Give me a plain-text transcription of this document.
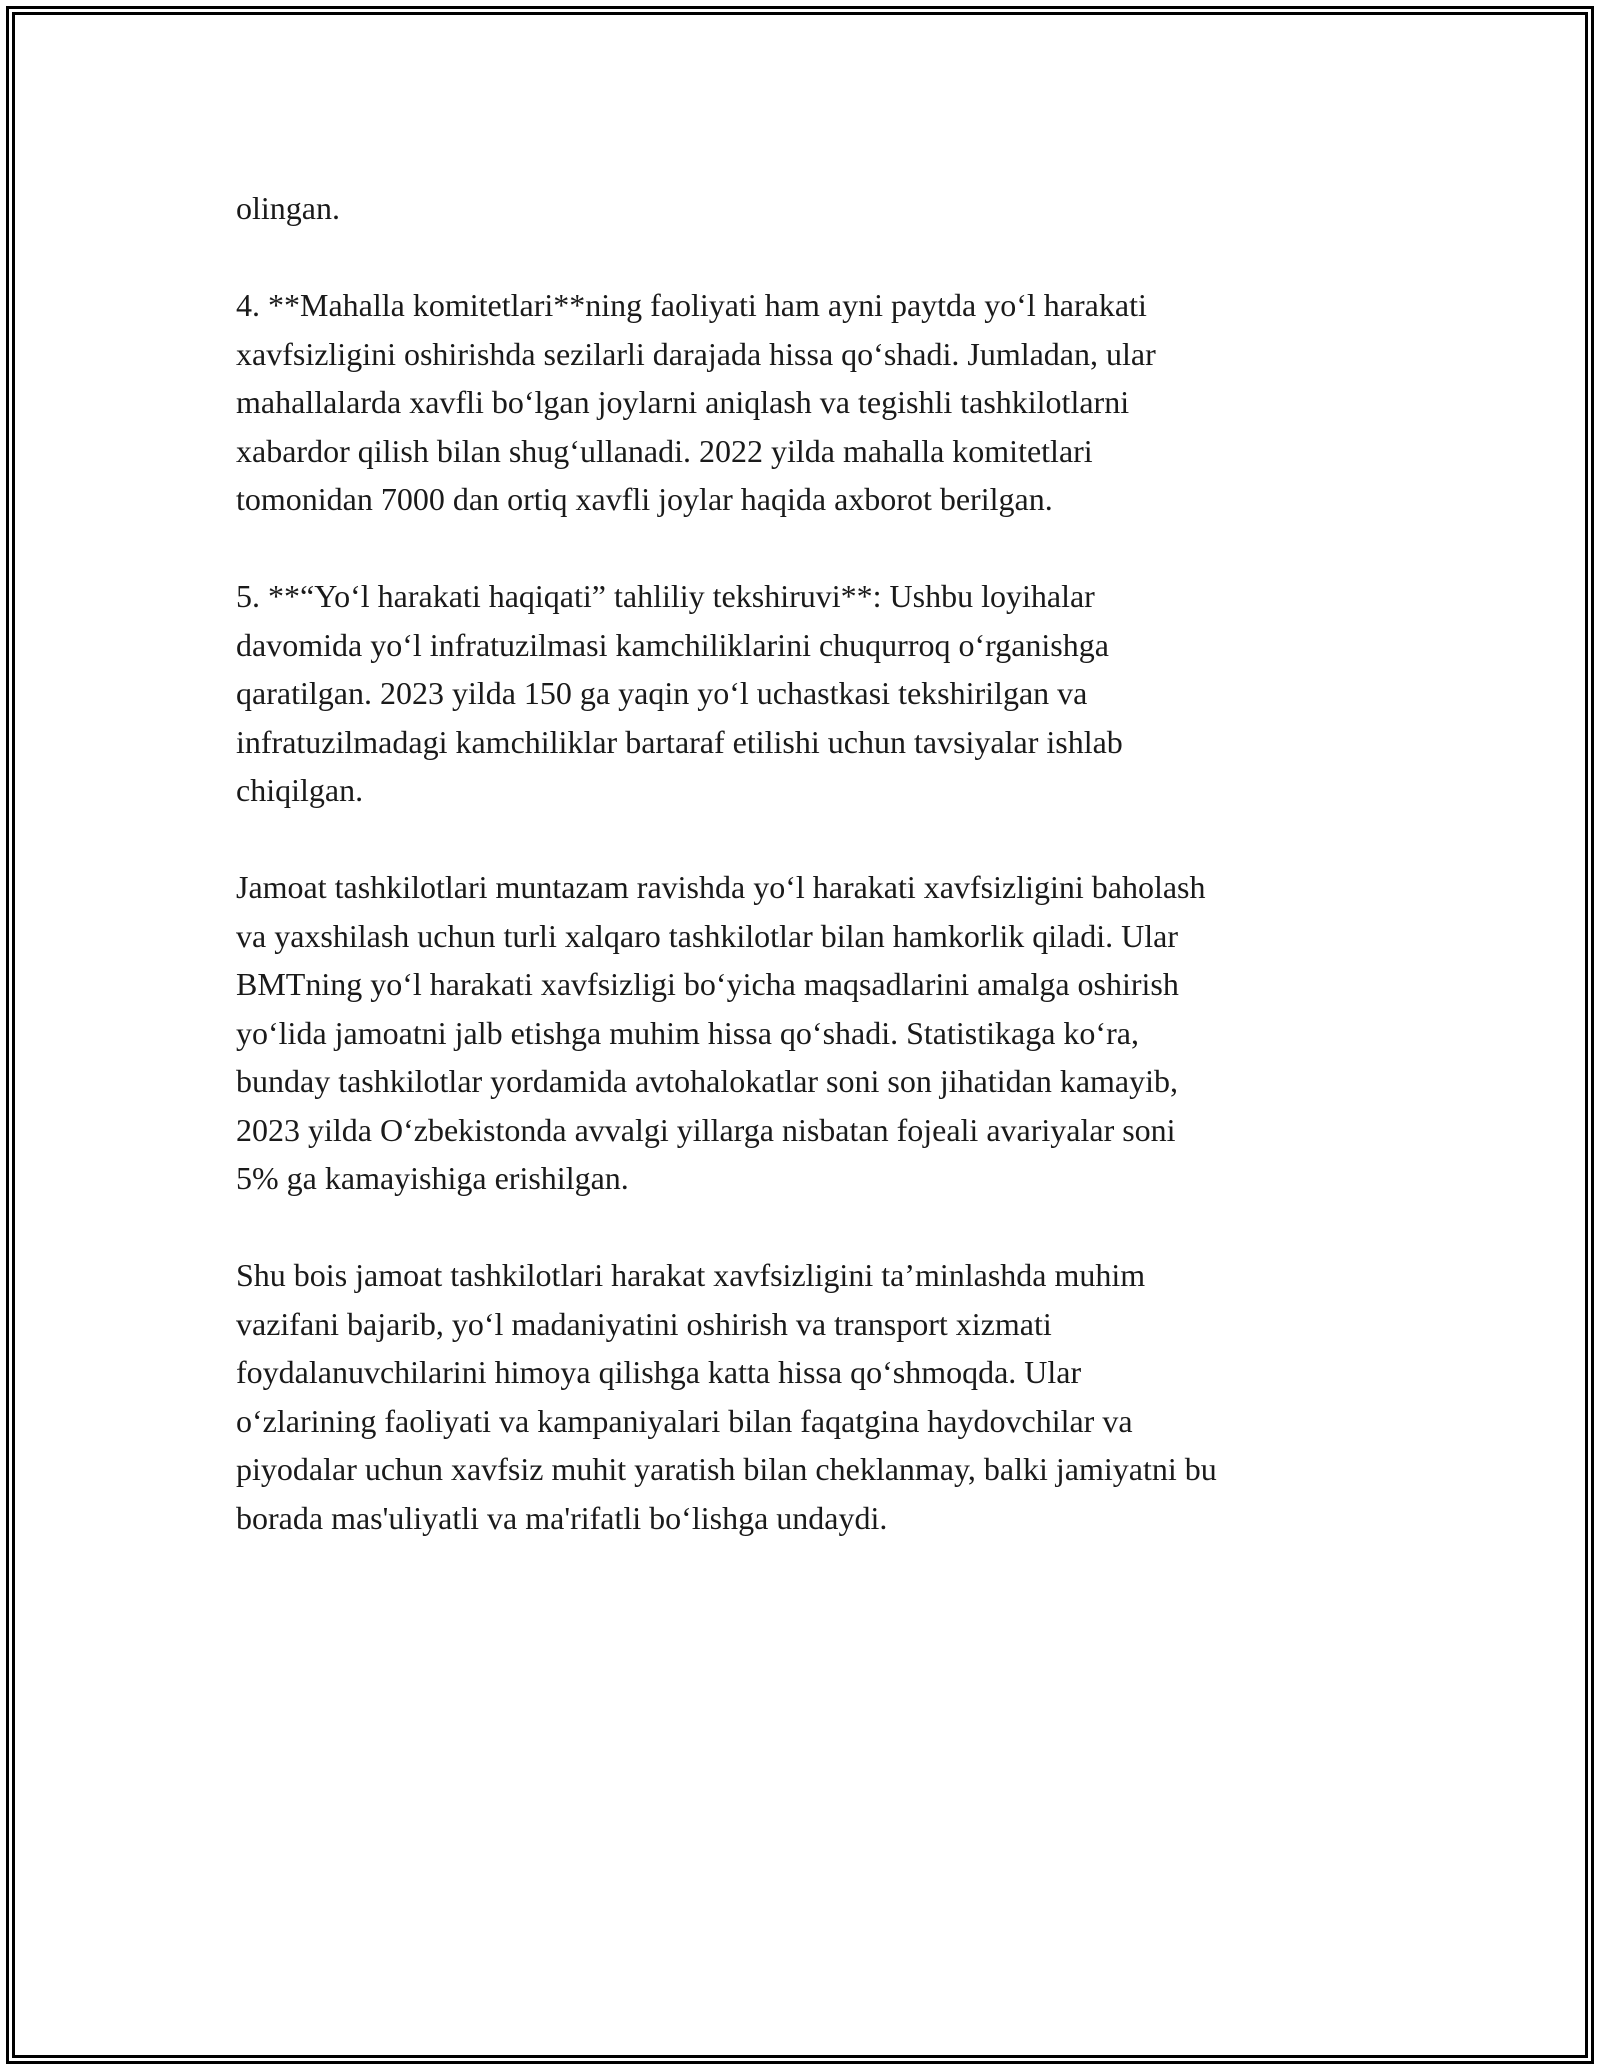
olingan.

4. **Mahalla komitetlari**ning faoliyati ham ayni paytda yo‘l harakati
xavfsizligini oshirishda sezilarli darajada hissa qo‘shadi. Jumladan, ular
mahallalarda xavfli bo‘lgan joylarni aniqlash va tegishli tashkilotlarni
xabardor qilish bilan shug‘ullanadi. 2022 yilda mahalla komitetlari
tomonidan 7000 dan ortiq xavfli joylar haqida axborot berilgan.

5. **“Yo‘l harakati haqiqati” tahliliy tekshiruvi**: Ushbu loyihalar
davomida yo‘l infratuzilmasi kamchiliklarini chuqurroq o‘rganishga
qaratilgan. 2023 yilda 150 ga yaqin yo‘l uchastkasi tekshirilgan va
infratuzilmadagi kamchiliklar bartaraf etilishi uchun tavsiyalar ishlab
chiqilgan.

Jamoat tashkilotlari muntazam ravishda yo‘l harakati xavfsizligini baholash
va yaxshilash uchun turli xalqaro tashkilotlar bilan hamkorlik qiladi. Ular
BMTning yo‘l harakati xavfsizligi bo‘yicha maqsadlarini amalga oshirish
yo‘lida jamoatni jalb etishga muhim hissa qo‘shadi. Statistikaga ko‘ra,
bunday tashkilotlar yordamida avtohalokatlar soni son jihatidan kamayib,
2023 yilda O‘zbekistonda avvalgi yillarga nisbatan fojeali avariyalar soni
5% ga kamayishiga erishilgan.

Shu bois jamoat tashkilotlari harakat xavfsizligini ta’minlashda muhim
vazifani bajarib, yo‘l madaniyatini oshirish va transport xizmati
foydalanuvchilarini himoya qilishga katta hissa qo‘shmoqda. Ular
o‘zlarining faoliyati va kampaniyalari bilan faqatgina haydovchilar va
piyodalar uchun xavfsiz muhit yaratish bilan cheklanmay, balki jamiyatni bu
borada mas'uliyatli va ma'rifatli bo‘lishga undaydi.
